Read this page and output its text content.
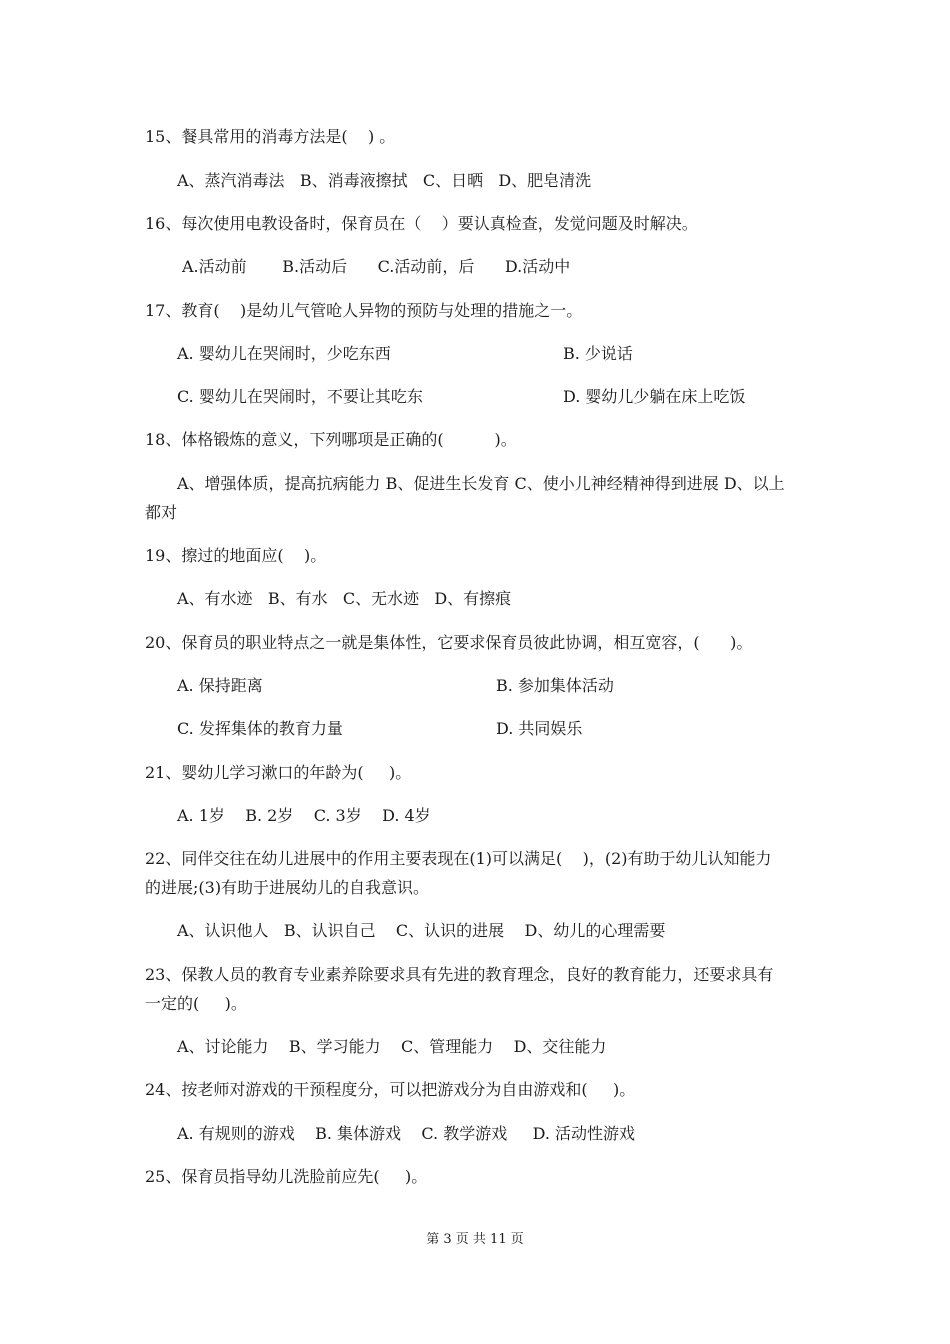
15、餐具常用的消毒方法是(    ) 。
A、蒸汽消毒法   B、消毒液擦拭   C、日晒   D、肥皂清洗
16、每次使用电教设备时，保育员在（    ）要认真检查，发觉问题及时解决。
A.活动前       B.活动后      C.活动前，后      D.活动中
17、教育(    )是幼儿气管呛人异物的预防与处理的措施之一。
A. 婴幼儿在哭闹时，少吃东西	B. 少说话
C. 婴幼儿在哭闹时，不要让其吃东	D. 婴幼儿少躺在床上吃饭
18、体格锻炼的意义，下列哪项是正确的(          )。
A、增强体质，提高抗病能力 B、促进生长发育 C、使小儿神经精神得到进展 D、以上
都对
19、擦过的地面应(    )。
A、有水迹   B、有水   C、无水迹   D、有擦痕
20、保育员的职业特点之一就是集体性，它要求保育员彼此协调，相互宽容，(      )。
A. 保持距离	B. 参加集体活动
C. 发挥集体的教育力量	D. 共同娱乐
21、婴幼儿学习漱口的年龄为(     )。
A. 1岁    B. 2岁    C. 3岁    D. 4岁
22、同伴交往在幼儿进展中的作用主要表现在(1)可以满足(    )，(2)有助于幼儿认知能力
的进展;(3)有助于进展幼儿的自我意识。
A、认识他人   B、认识自己    C、认识的进展    D、幼儿的心理需要
23、保教人员的教育专业素养除要求具有先进的教育理念，良好的教育能力，还要求具有
一定的(     )。
A、讨论能力    B、学习能力    C、管理能力    D、交往能力
24、按老师对游戏的干预程度分，可以把游戏分为自由游戏和(     )。
A. 有规则的游戏    B. 集体游戏    C. 教学游戏     D. 活动性游戏
25、保育员指导幼儿洗脸前应先(     )。
第 3 页 共 11 页
